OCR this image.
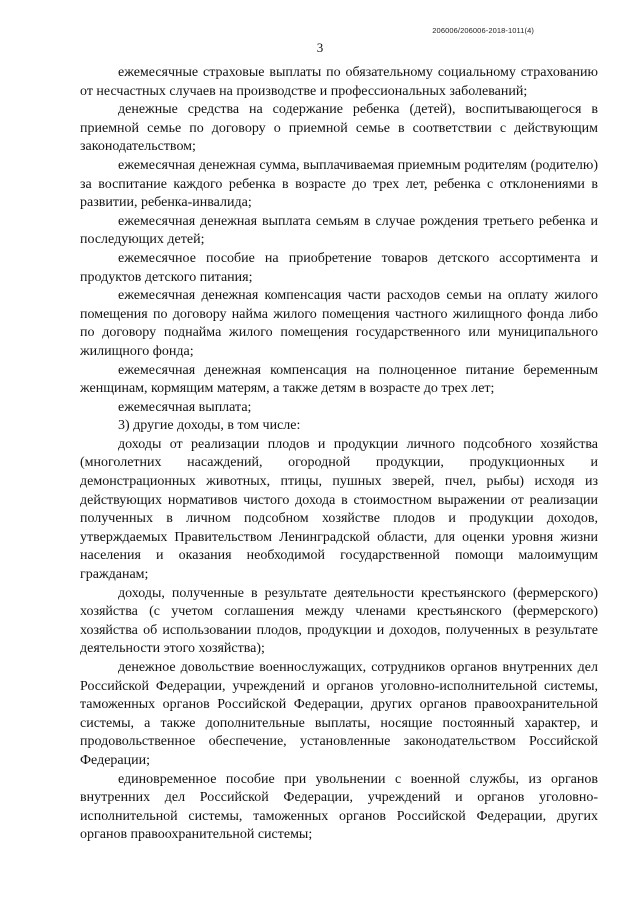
206006/206006-2018-1011(4)
3

ежемесячные страховые выплаты по обязательному социальному страхованию от несчастных случаев на производстве и профессиональных заболеваний;

денежные средства на содержание ребенка (детей), воспитывающегося в приемной семье по договору о приемной семье в соответствии с действующим законодательством;

ежемесячная денежная сумма, выплачиваемая приемным родителям (родителю) за воспитание каждого ребенка в возрасте до трех лет, ребенка с отклонениями в развитии, ребенка-инвалида;

ежемесячная денежная выплата семьям в случае рождения третьего ребенка и последующих детей;

ежемесячное пособие на приобретение товаров детского ассортимента и продуктов детского питания;

ежемесячная денежная компенсация части расходов семьи на оплату жилого помещения по договору найма жилого помещения частного жилищного фонда либо по договору поднайма жилого помещения государственного или муниципального жилищного фонда;

ежемесячная денежная компенсация на полноценное питание беременным женщинам, кормящим матерям, а также детям в возрасте до трех лет;

ежемесячная выплата;

3) другие доходы, в том числе:

доходы от реализации плодов и продукции личного подсобного хозяйства (многолетних насаждений, огородной продукции, продукционных и демонстрационных животных, птицы, пушных зверей, пчел, рыбы) исходя из действующих нормативов чистого дохода в стоимостном выражении от реализации полученных в личном подсобном хозяйстве плодов и продукции доходов, утверждаемых Правительством Ленинградской области, для оценки уровня жизни населения и оказания необходимой государственной помощи малоимущим гражданам;

доходы, полученные в результате деятельности крестьянского (фермерского) хозяйства (с учетом соглашения между членами крестьянского (фермерского) хозяйства об использовании плодов, продукции и доходов, полученных в результате деятельности этого хозяйства);

денежное довольствие военнослужащих, сотрудников органов внутренних дел Российской Федерации, учреждений и органов уголовно-исполнительной системы, таможенных органов Российской Федерации, других органов правоохранительной системы, а также дополнительные выплаты, носящие постоянный характер, и продовольственное обеспечение, установленные законодательством Российской Федерации;

единовременное пособие при увольнении с военной службы, из органов внутренних дел Российской Федерации, учреждений и органов уголовно-исполнительной системы, таможенных органов Российской Федерации, других органов правоохранительной системы;
